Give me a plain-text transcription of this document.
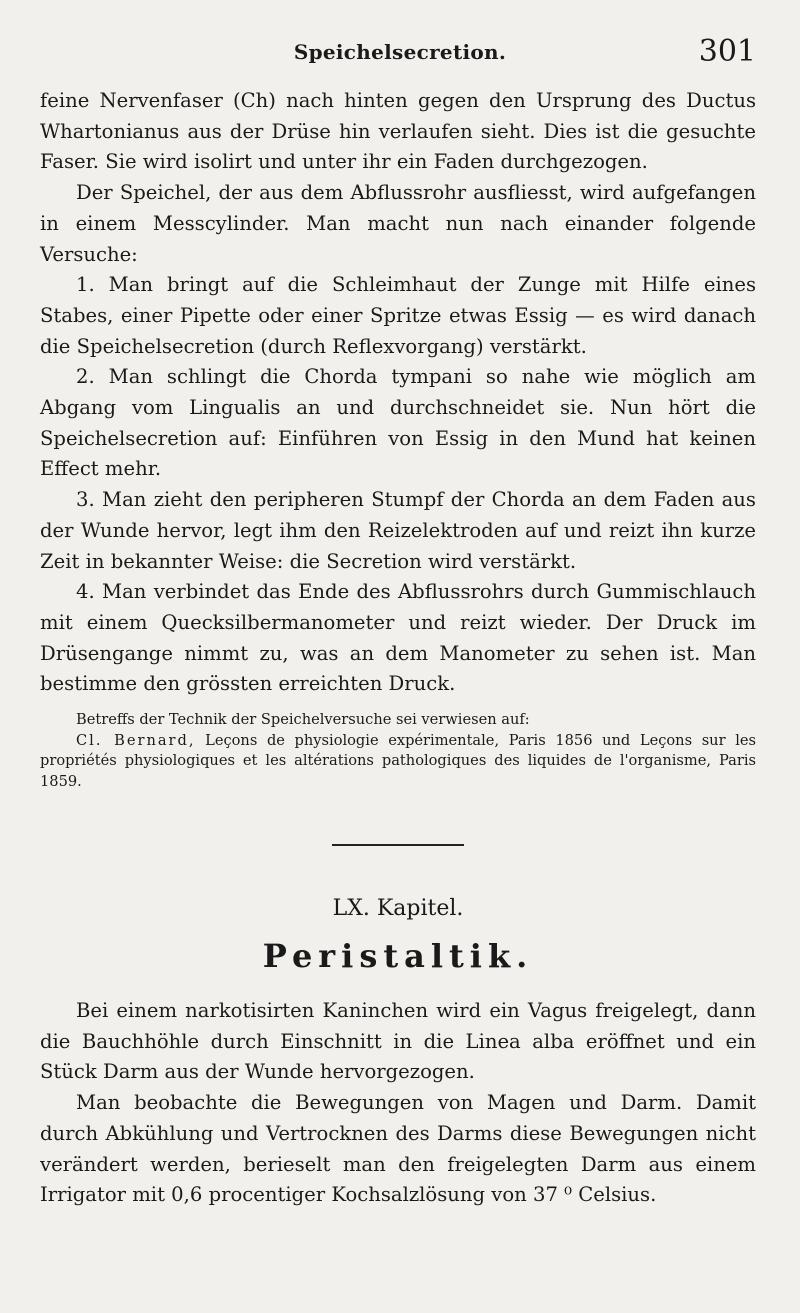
Speichelsecretion.	301

feine Nervenfaser (Ch) nach hinten gegen den Ursprung des Ductus Whartonianus aus der Drüse hin verlaufen sieht. Dies ist die gesuchte Faser. Sie wird isolirt und unter ihr ein Faden durchgezogen.

Der Speichel, der aus dem Abflussrohr ausfliesst, wird aufgefangen in einem Messcylinder. Man macht nun nach einander folgende Versuche:

1. Man bringt auf die Schleimhaut der Zunge mit Hilfe eines Stabes, einer Pipette oder einer Spritze etwas Essig — es wird danach die Speichelsecretion (durch Reflexvorgang) verstärkt.

2. Man schlingt die Chorda tympani so nahe wie möglich am Abgang vom Lingualis an und durchschneidet sie. Nun hört die Speichelsecretion auf: Einführen von Essig in den Mund hat keinen Effect mehr.

3. Man zieht den peripheren Stumpf der Chorda an dem Faden aus der Wunde hervor, legt ihm den Reizelektroden auf und reizt ihn kurze Zeit in bekannter Weise: die Secretion wird verstärkt.

4. Man verbindet das Ende des Abflussrohrs durch Gummischlauch mit einem Quecksilbermanometer und reizt wieder. Der Druck im Drüsengange nimmt zu, was an dem Manometer zu sehen ist. Man bestimme den grössten erreichten Druck.

Betreffs der Technik der Speichelversuche sei verwiesen auf:

Cl. Bernard, Leçons de physiologie expérimentale, Paris 1856 und Leçons sur les propriétés physiologiques et les altérations pathologiques des liquides de l'organisme, Paris 1859.

LX. Kapitel.
Peristaltik.

Bei einem narkotisirten Kaninchen wird ein Vagus freigelegt, dann die Bauchhöhle durch Einschnitt in die Linea alba eröffnet und ein Stück Darm aus der Wunde hervorgezogen.

Man beobachte die Bewegungen von Magen und Darm. Damit durch Abkühlung und Vertrocknen des Darms diese Bewegungen nicht verändert werden, berieselt man den freigelegten Darm aus einem Irrigator mit 0,6 procentiger Kochsalzlösung von 37 ⁰ Celsius.
